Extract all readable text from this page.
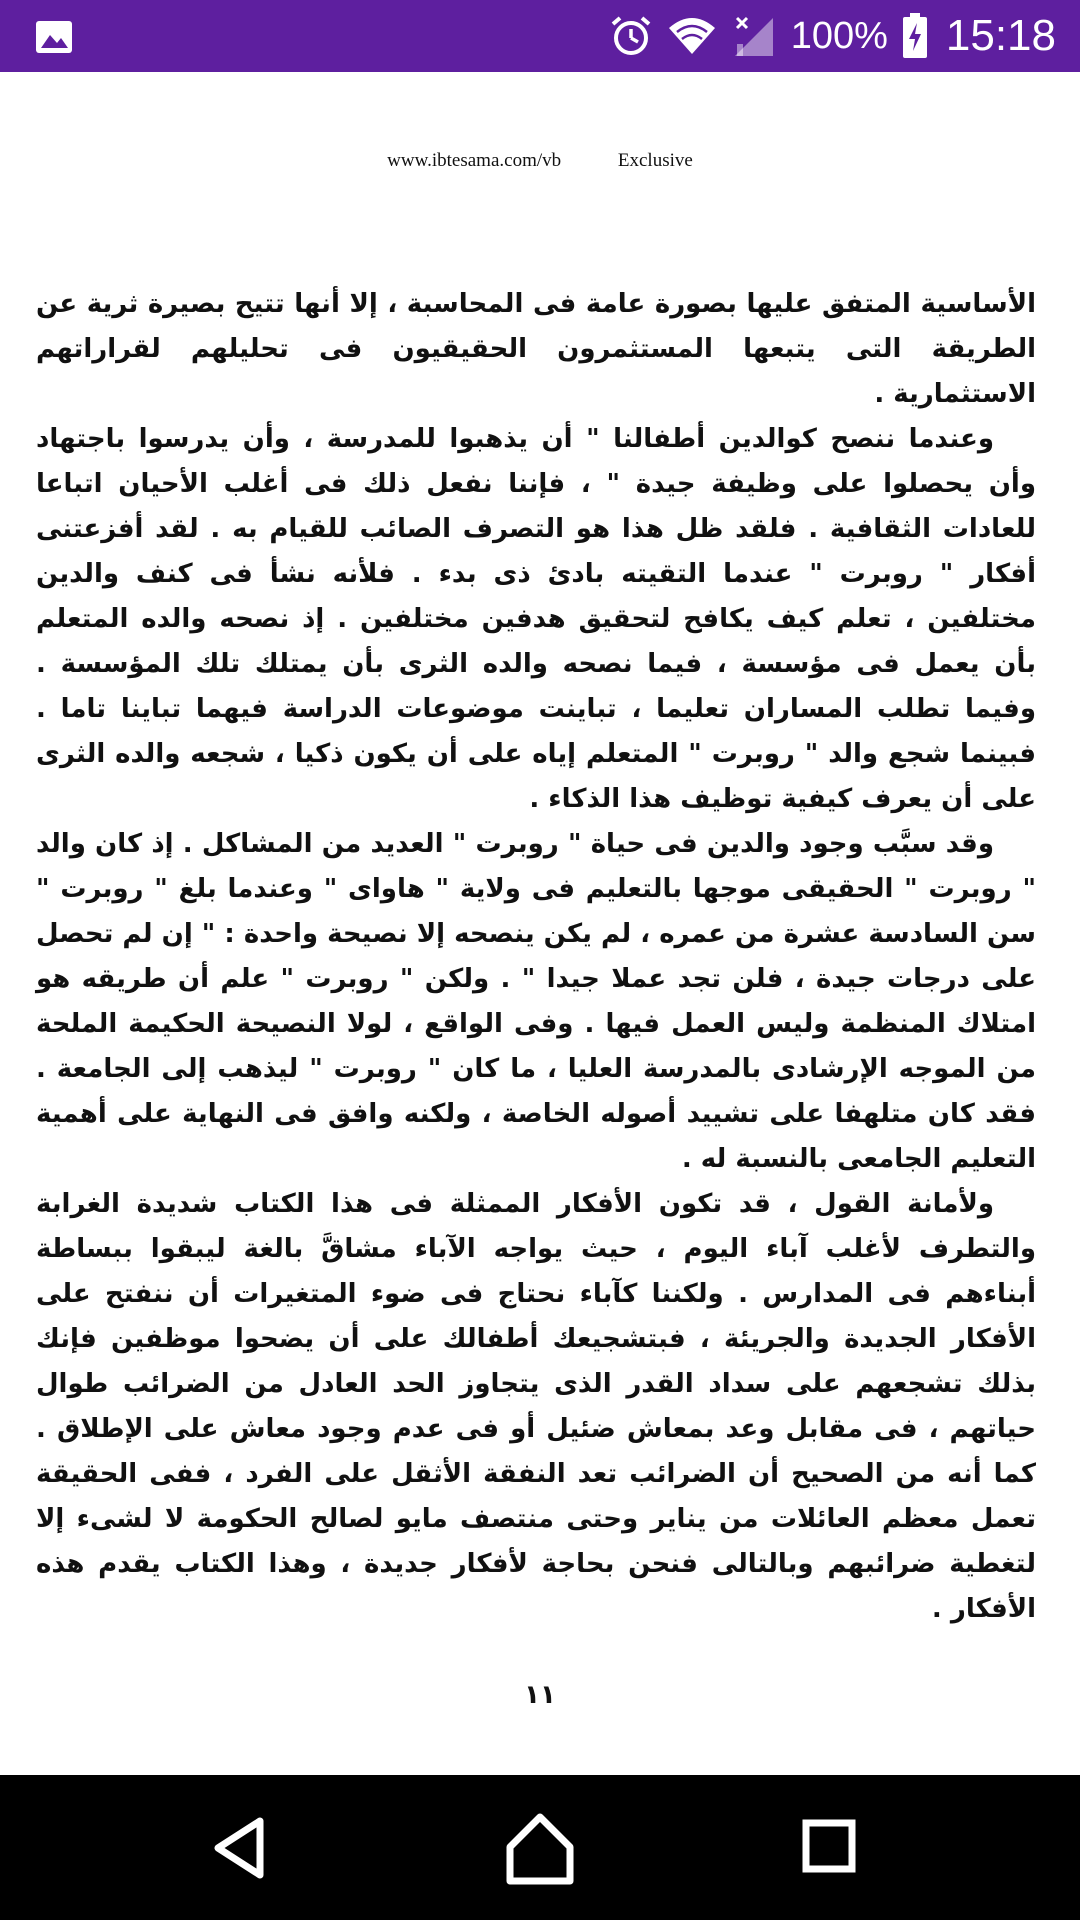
100% 15:18
www.ibtesama.com/vb	Exclusive

الأساسية المتفق عليها بصورة عامة فى المحاسبة ، إلا أنها تتيح بصيرة ثرية عن الطريقة التى يتبعها المستثمرون الحقيقيون فى تحليلهم لقراراتهم الاستثمارية .

وعندما ننصح كوالدين أطفالنا " أن يذهبوا للمدرسة ، وأن يدرسوا باجتهاد وأن يحصلوا على وظيفة جيدة " ، فإننا نفعل ذلك فى أغلب الأحيان اتباعا للعادات الثقافية . فلقد ظل هذا هو التصرف الصائب للقيام به . لقد أفزعتنى أفكار " روبرت " عندما التقيته بادئ ذى بدء . فلأنه نشأ فى كنف والدين مختلفين ، تعلم كيف يكافح لتحقيق هدفين مختلفين . إذ نصحه والده المتعلم بأن يعمل فى مؤسسة ، فيما نصحه والده الثرى بأن يمتلك تلك المؤسسة . وفيما تطلب المساران تعليما ، تباينت موضوعات الدراسة فيهما تباينا تاما . فبينما شجع والد " روبرت " المتعلم إياه على أن يكون ذكيا ، شجعه والده الثرى على أن يعرف كيفية توظيف هذا الذكاء .

وقد سبَّب وجود والدين فى حياة " روبرت " العديد من المشاكل . إذ كان والد " روبرت " الحقيقى موجها بالتعليم فى ولاية " هاواى " وعندما بلغ " روبرت " سن السادسة عشرة من عمره ، لم يكن ينصحه إلا نصيحة واحدة : " إن لم تحصل على درجات جيدة ، فلن تجد عملا جيدا " . ولكن " روبرت " علم أن طريقه هو امتلاك المنظمة وليس العمل فيها . وفى الواقع ، لولا النصيحة الحكيمة الملحة من الموجه الإرشادى بالمدرسة العليا ، ما كان " روبرت " ليذهب إلى الجامعة . فقد كان متلهفا على تشييد أصوله الخاصة ، ولكنه وافق فى النهاية على أهمية التعليم الجامعى بالنسبة له .

ولأمانة القول ، قد تكون الأفكار الممثلة فى هذا الكتاب شديدة الغرابة والتطرف لأغلب آباء اليوم ، حيث يواجه الآباء مشاقَّ بالغة ليبقوا ببساطة أبناءهم فى المدارس . ولكننا كآباء نحتاج فى ضوء المتغيرات أن ننفتح على الأفكار الجديدة والجريئة ، فبتشجيعك أطفالك على أن يضحوا موظفين فإنك بذلك تشجعهم على سداد القدر الذى يتجاوز الحد العادل من الضرائب طوال حياتهم ، فى مقابل وعد بمعاش ضئيل أو فى عدم وجود معاش على الإطلاق . كما أنه من الصحيح أن الضرائب تعد النفقة الأثقل على الفرد ، ففى الحقيقة تعمل معظم العائلات من يناير وحتى منتصف مايو لصالح الحكومة لا لشىء إلا لتغطية ضرائبهم وبالتالى فنحن بحاجة لأفكار جديدة ، وهذا الكتاب يقدم هذه الأفكار .

١١
